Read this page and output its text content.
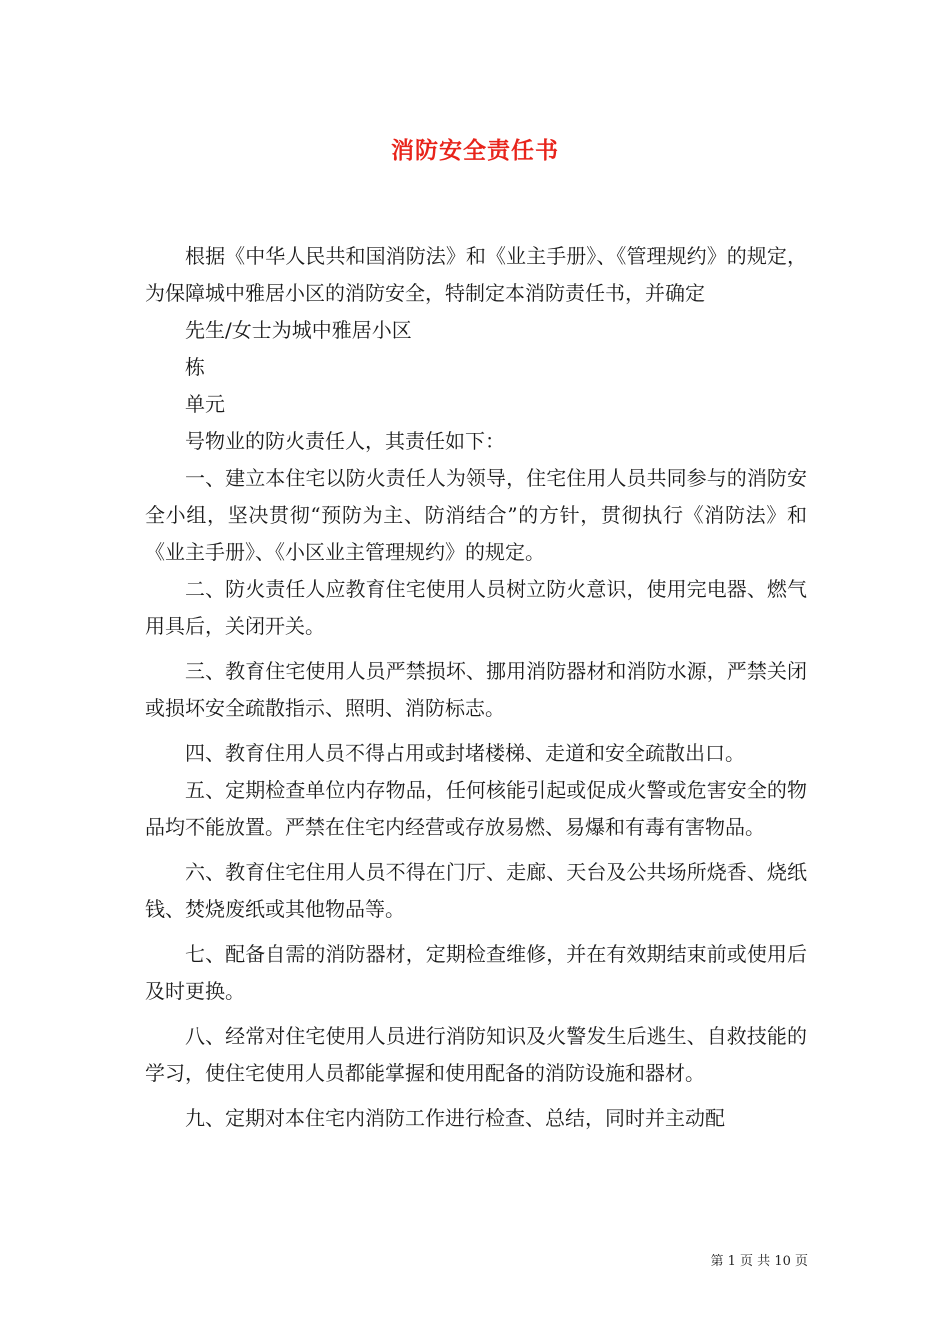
消防安全责任书

根据《中华人民共和国消防法》和《业主手册》、《管理规约》的规定，为保障城中雅居小区的消防安全，特制定本消防责任书，并确定

先生/女士为城中雅居小区

栋

单元

号物业的防火责任人，其责任如下：

一、建立本住宅以防火责任人为领导，住宅住用人员共同参与的消防安全小组，坚决贯彻“预防为主、防消结合”的方针，贯彻执行《消防法》和《业主手册》、《小区业主管理规约》的规定。

二、防火责任人应教育住宅使用人员树立防火意识，使用完电器、燃气用具后，关闭开关。

三、教育住宅使用人员严禁损坏、挪用消防器材和消防水源，严禁关闭或损坏安全疏散指示、照明、消防标志。

四、教育住用人员不得占用或封堵楼梯、走道和安全疏散出口。

五、定期检查单位内存物品，任何核能引起或促成火警或危害安全的物品均不能放置。严禁在住宅内经营或存放易燃、易爆和有毒有害物品。

六、教育住宅住用人员不得在门厅、走廊、天台及公共场所烧香、烧纸钱、焚烧废纸或其他物品等。

七、配备自需的消防器材，定期检查维修，并在有效期结束前或使用后及时更换。

八、经常对住宅使用人员进行消防知识及火警发生后逃生、自救技能的学习，使住宅使用人员都能掌握和使用配备的消防设施和器材。

九、定期对本住宅内消防工作进行检查、总结，同时并主动配

第 1 页 共 10 页
